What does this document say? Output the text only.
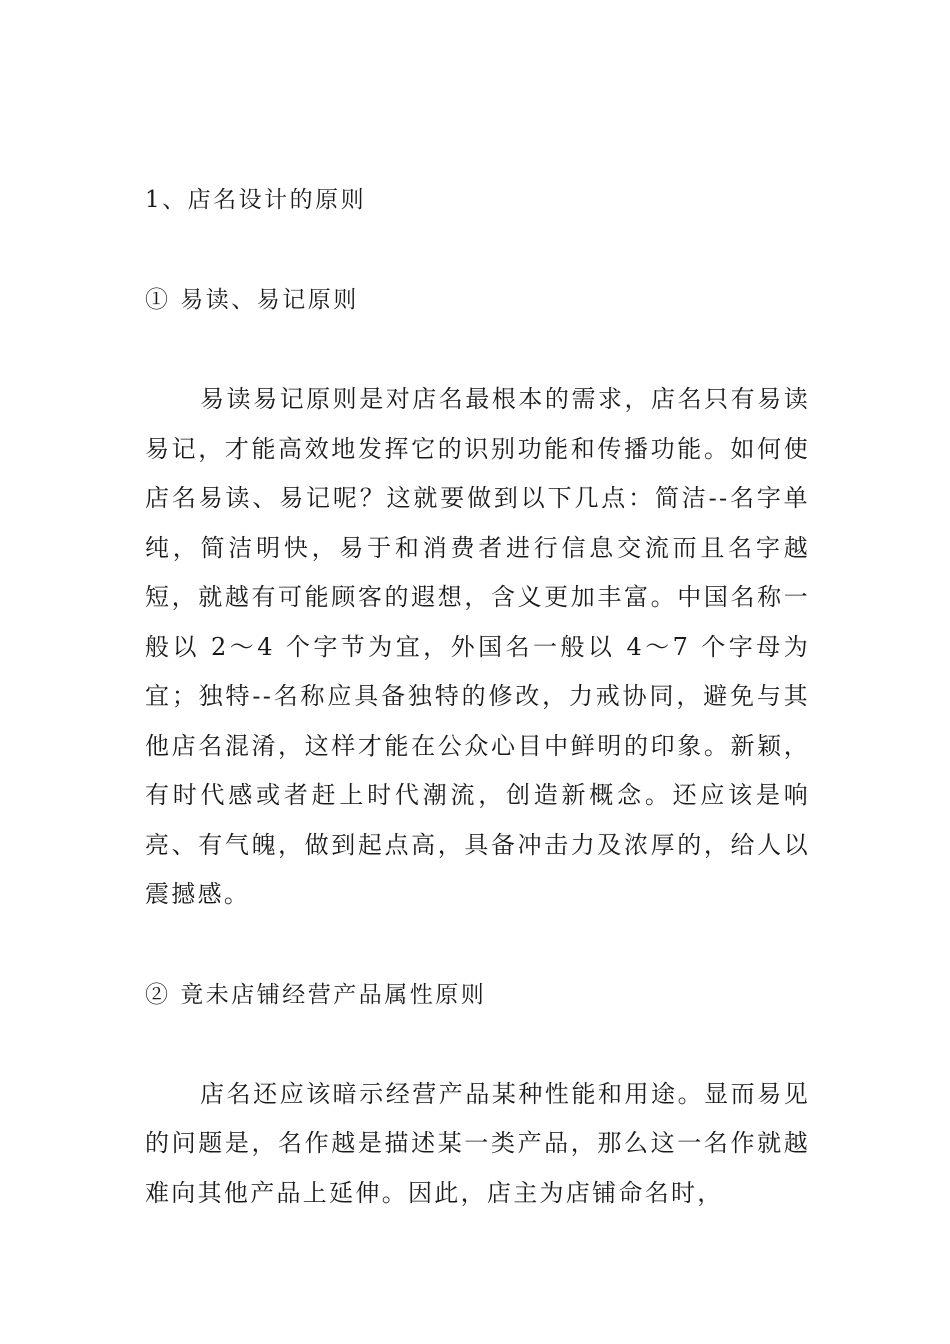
1、店名设计的原则

① 易读、易记原则

易读易记原则是对店名最根本的需求，店名只有易读易记，才能高效地发挥它的识别功能和传播功能。如何使店名易读、易记呢？这就要做到以下几点：简洁--名字单纯，简洁明快，易于和消费者进行信息交流而且名字越短，就越有可能顾客的遐想，含义更加丰富。中国名称一般以 2～4 个字节为宜，外国名一般以 4～7 个字母为宜；独特--名称应具备独特的修改，力戒协同，避免与其他店名混淆，这样才能在公众心目中鲜明的印象。新颖，有时代感或者赶上时代潮流，创造新概念。还应该是响亮、有气魄，做到起点高，具备冲击力及浓厚的，给人以震撼感。

② 竟未店铺经营产品属性原则

店名还应该暗示经营产品某种性能和用途。显而易见的问题是，名作越是描述某一类产品，那么这一名作就越难向其他产品上延伸。因此，店主为店铺命名时，
